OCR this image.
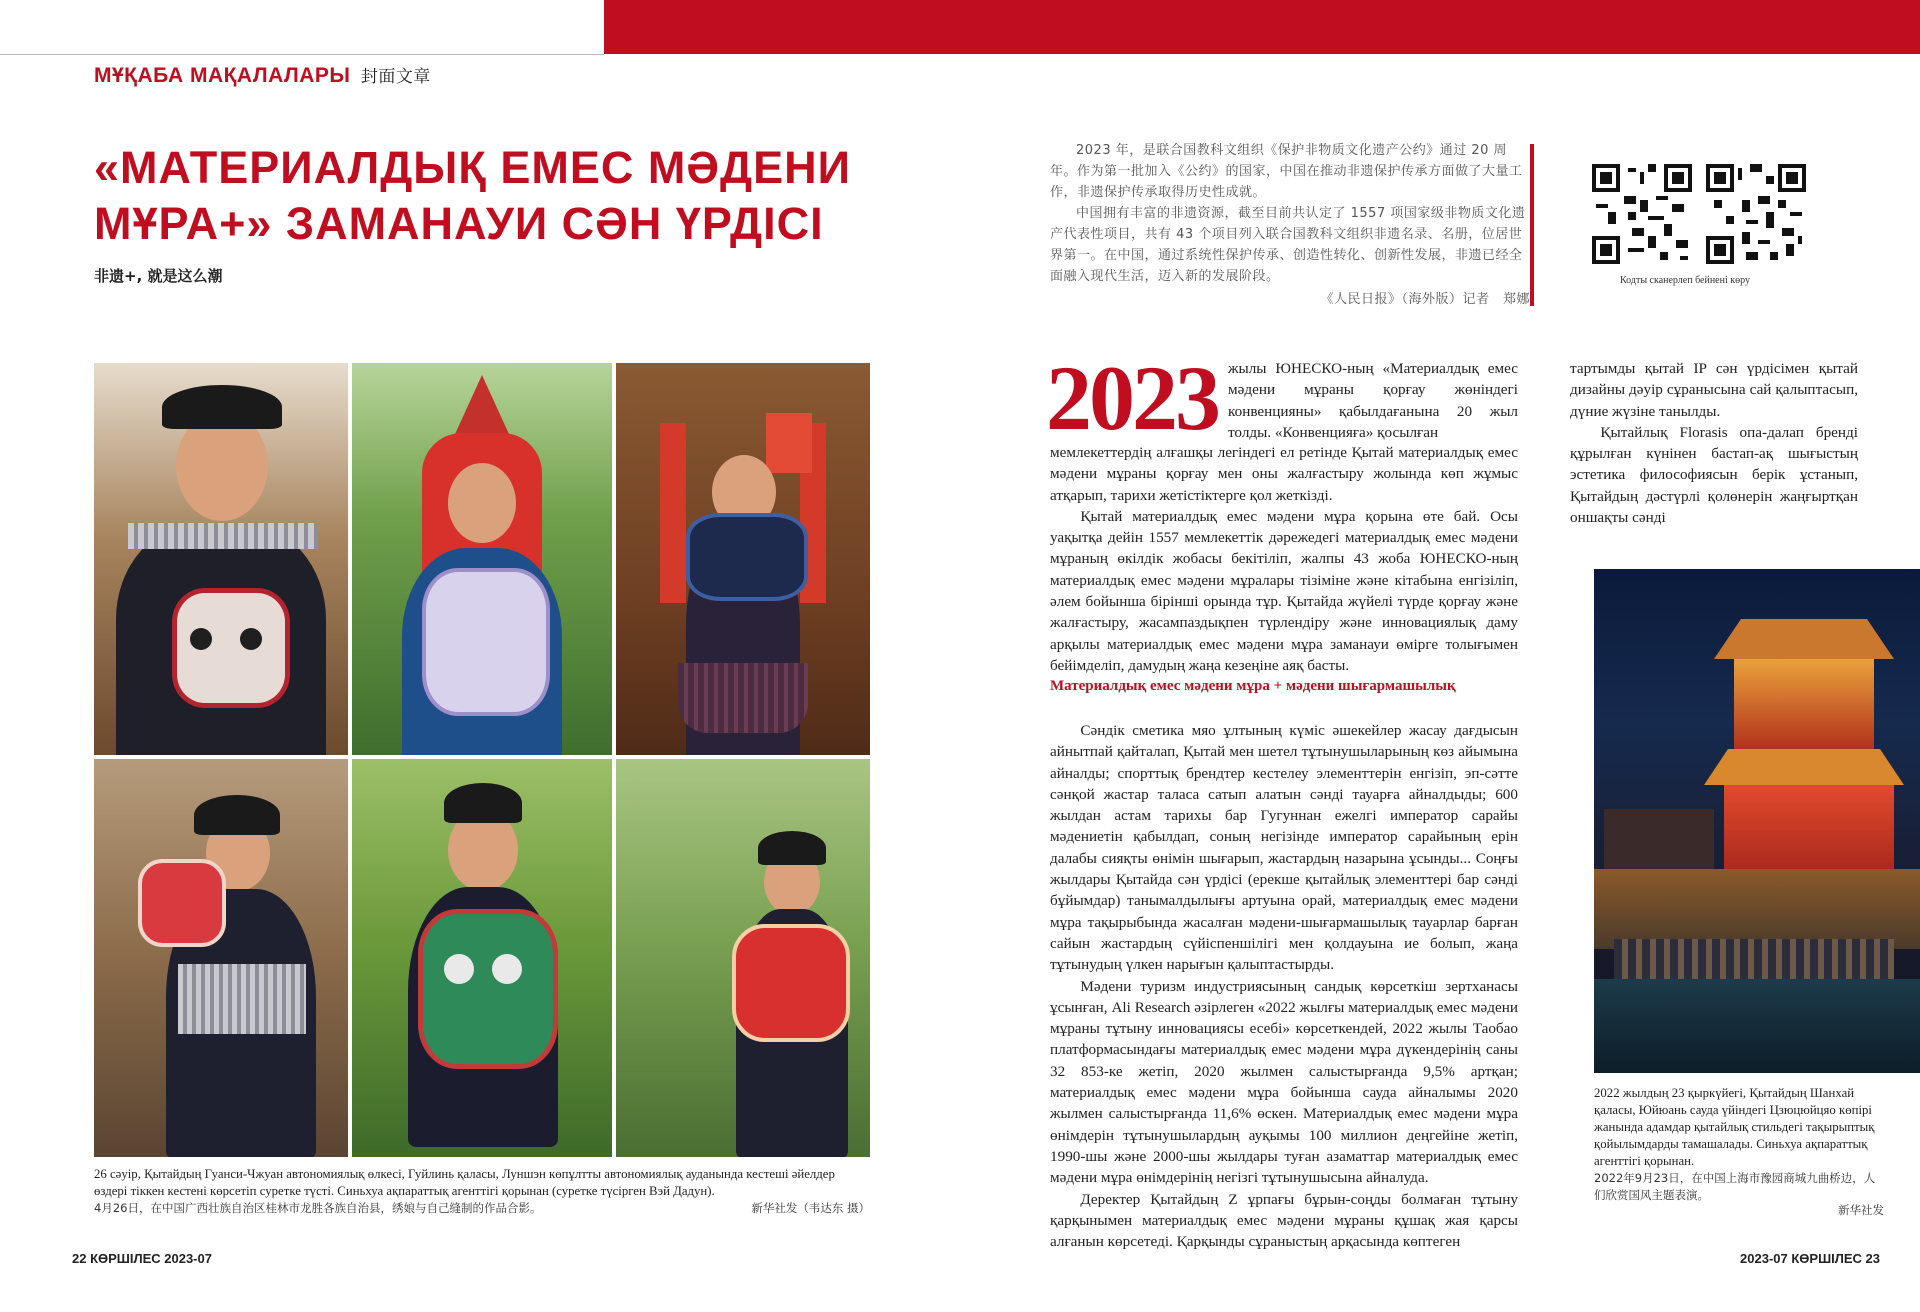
МҰҚАБА МАҚАЛАЛАРЫ 封面文章
«МАТЕРИАЛДЫҚ ЕМЕС МӘДЕНИ
МҰРА+» ЗАМАНАУИ СӘН ҮРДІСІ
非遗+, 就是这么潮
26 сәуір, Қытайдың Гуанси-Чжуан автономиялық өлкесі, Гуйлинь қаласы, Луншэн көпұлтты автономиялық ауданында кестеші әйелдер өздері тіккен кестені көрсетіп суретке түсті. Синьхуа ақпараттық агенттігі қорынан (суретке түсірген Вэй Дадун).
4月26日，在中国广西壮族自治区桂林市龙胜各族自治县，绣娘与自己缝制的作品合影。	新华社发（韦达东 摄）
22 КӨРШІЛЕС 2023-07	2023-07 КӨРШІЛЕС 23

2023 年，是联合国教科文组织《保护非物质文化遗产公约》通过 20 周年。作为第一批加入《公约》的国家，中国在推动非遗保护传承方面做了大量工作，非遗保护传承取得历史性成就。

中国拥有丰富的非遗资源，截至目前共认定了 1557 项国家级非物质文化遗产代表性项目，共有 43 个项目列入联合国教科文组织非遗名录、名册，位居世界第一。在中国，通过系统性保护传承、创造性转化、创新性发展，非遗已经全面融入现代生活，迈入新的发展阶段。

《人民日报》（海外版）记者　郑娜

Кодты сканерлеп бейнені көру
2023 жылы ЮНЕСКО-ның «Материалдық емес мәдени мұраны қорғау жөніндегі конвенцияны» қабылдағанына 20 жыл толды. «Конвенцияға» қосылған

мемлекеттердің алғашқы легіндегі ел ретінде Қытай материалдық емес мәдени мұраны қорғау мен оны жалғастыру жолында көп жұмыс атқарып, тарихи жетістіктерге қол жеткізді.

Қытай материалдық емес мәдени мұра қорына өте бай. Осы уақытқа дейін 1557 мемлекеттік дәрежедегі материалдық емес мәдени мұраның өкілдік жобасы бекітіліп, жалпы 43 жоба ЮНЕСКО-ның материалдық емес мәдени мұралары тізіміне және кітабына енгізіліп, әлем бойынша бірінші орында тұр. Қытайда жүйелі түрде қорғау және жалғастыру, жасампаздықпен түрлендіру және инновациялық даму арқылы материалдық емес мәдени мұра заманауи өмірге толығымен бейімделіп, дамудың жаңа кезеңіне аяқ басты.

Материалдық емес мәдени мұра + мәдени шығармашылық

Сәндік сметика мяо ұлтының күміс әшекейлер жасау дағдысын айнытпай қайталап, Қытай мен шетел тұтынушыларының көз айымына айналды; спорттық брендтер кестелеу элементтерін енгізіп, эп-сәтте сәнқой жастар таласа сатып алатын сәнді тауарға айналдыды; 600 жылдан астам тарихы бар Гугуннан ежелгі император сарайы мәдениетін қабылдап, соның негізінде император сарайының ерін далабы сияқты өнімін шығарып, жастардың назарына ұсынды... Соңғы жылдары Қытайда сән үрдісі (ерекше қытайлық элементтері бар сәнді бұйымдар) танымалдылығы артуына орай, материалдық емес мәдени мұра тақырыбында жасалған мәдени-шығармашылық тауарлар барған сайын жастардың сүйіспеншілігі мен қолдауына ие болып, жаңа тұтынудың үлкен нарығын қалыптастырды.

Мәдени туризм индустриясының сандық көрсеткіш зертханасы ұсынған, Ali Research әзірлеген «2022 жылғы материалдық емес мәдени мұраны тұтыну инновациясы есебі» көрсеткендей, 2022 жылы Таобао платформасындағы материалдық емес мәдени мұра дүкендерінің саны 32 853-ке жетіп, 2020 жылмен салыстырғанда 9,5% артқан; материалдық емес мәдени мұра бойынша сауда айналымы 2020 жылмен салыстырғанда 11,6% өскен. Материалдық емес мәдени мұра өнімдерін тұтынушылардың ауқымы 100 миллион деңгейіне жетіп, 1990-шы және 2000-шы жылдары туған азаматтар материалдық емес мәдени мұра өнімдерінің негізгі тұтынушысына айналуда.

Деректер Қытайдың Z ұрпағы бұрын-соңды болмаған тұтыну қарқынымен материалдық емес мәдени мұраны құшақ жая қарсы алғанын көрсетеді. Қарқынды сұраныстың арқасында көптеген

тартымды қытай IP сән үрдісімен қытай дизайны дәуір сұранысына сай қалыптасып, дүние жүзіне танылды.

Қытайлық Florasis опа-далап бренді құрылған күнінен бастап-ақ шығыстың эстетика философиясын берік ұстанып, Қытайдың дәстүрлі қолөнерін жаңғыртқан оншақты сәнді

2022 жылдың 23 қыркүйегі, Қытайдың Шанхай қаласы, Юйюань сауда үйіндегі Цзюцюйцяо көпірі жанында адамдар қытайлық стильдегі тақырыптық қойылымдарды тамашалады. Синьхуа ақпараттық агенттігі қорынан.
2022年9月23日，在中国上海市豫园商城九曲桥边，人们欣赏国风主题表演。
新华社发
